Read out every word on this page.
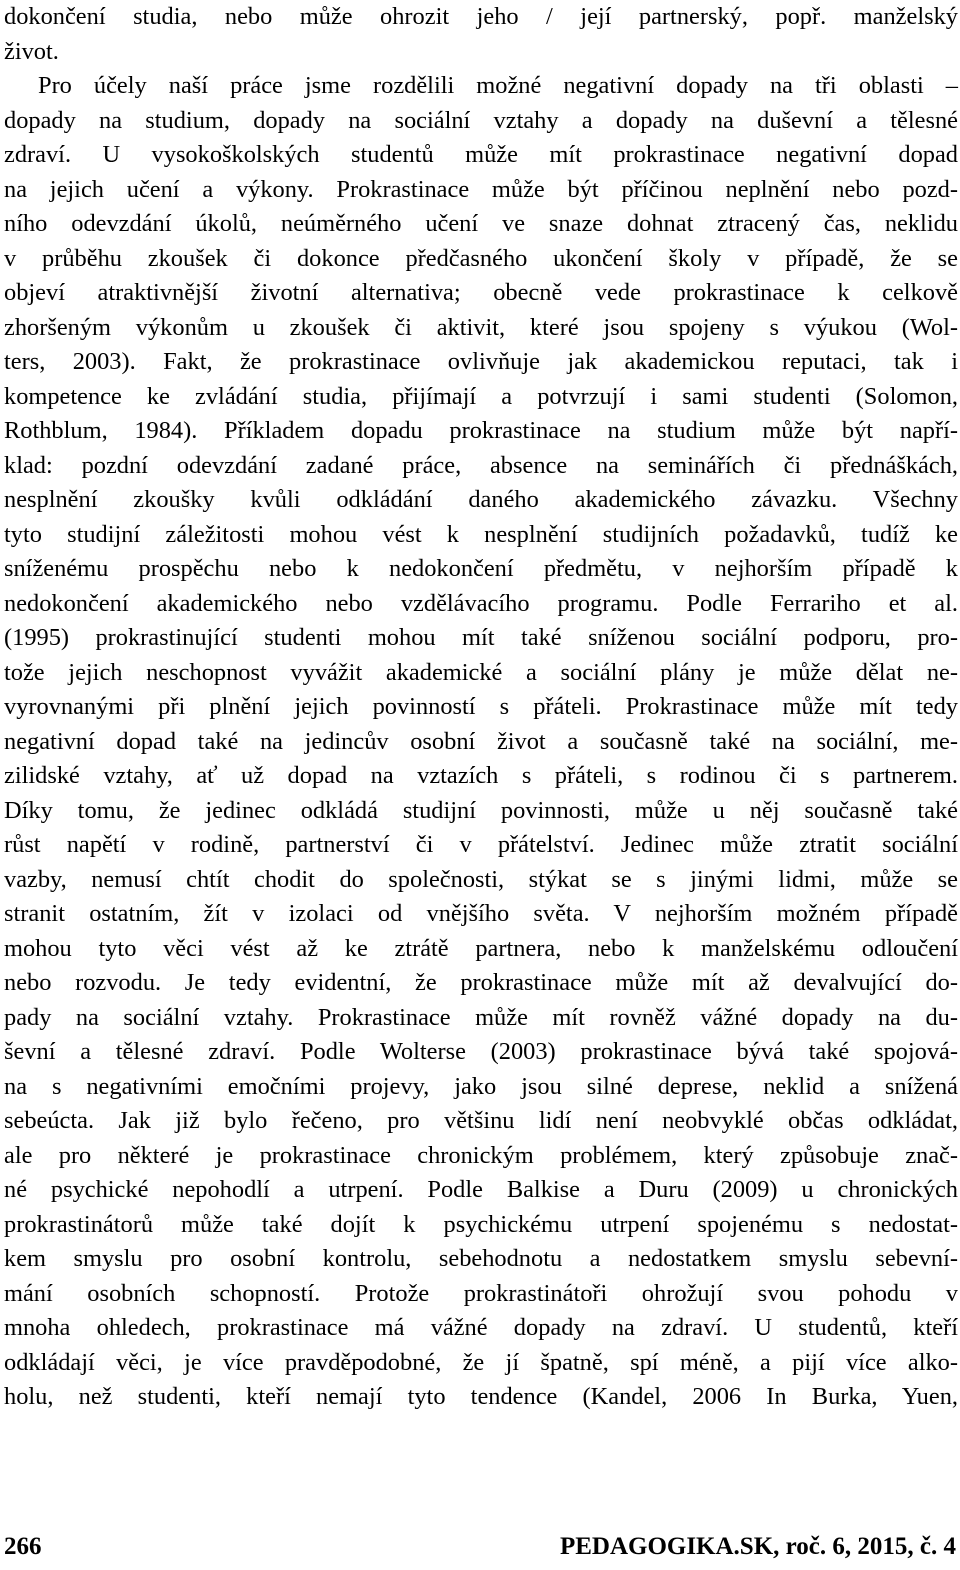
dokončení studia, nebo může ohrozit jeho / její partnerský, popř. manželský
život.
Pro účely naší práce jsme rozdělili možné negativní dopady na tři oblasti –
dopady na studium, dopady na sociální vztahy a dopady na duševní a tělesné
zdraví. U vysokoškolských studentů může mít prokrastinace negativní dopad
na jejich učení a výkony. Prokrastinace může být příčinou neplnění nebo pozd-
ního odevzdání úkolů, neúměrného učení ve snaze dohnat ztracený čas, neklidu
v průběhu zkoušek či dokonce předčasného ukončení školy v případě, že se
objeví atraktivnější životní alternativa; obecně vede prokrastinace k celkově
zhoršeným výkonům u zkoušek či aktivit, které jsou spojeny s výukou (Wol-
ters, 2003). Fakt, že prokrastinace ovlivňuje jak akademickou reputaci, tak i
kompetence ke zvládání studia, přijímají a potvrzují i sami studenti (Solomon,
Rothblum, 1984). Příkladem dopadu prokrastinace na studium může být napří-
klad: pozdní odevzdání zadané práce, absence na seminářích či přednáškách,
nesplnění zkoušky kvůli odkládání daného akademického závazku. Všechny
tyto studijní záležitosti mohou vést k nesplnění studijních požadavků, tudíž ke
sníženému prospěchu nebo k nedokončení předmětu, v nejhorším případě k
nedokončení akademického nebo vzdělávacího programu. Podle Ferrariho et al.
(1995) prokrastinující studenti mohou mít také sníženou sociální podporu, pro-
tože jejich neschopnost vyvážit akademické a sociální plány je může dělat ne-
vyrovnanými při plnění jejich povinností s přáteli. Prokrastinace může mít tedy
negativní dopad také na jedincův osobní život a současně také na sociální, me-
zilidské vztahy, ať už dopad na vztazích s přáteli, s rodinou či s partnerem.
Díky tomu, že jedinec odkládá studijní povinnosti, může u něj současně také
růst napětí v rodině, partnerství či v přátelství. Jedinec může ztratit sociální
vazby, nemusí chtít chodit do společnosti, stýkat se s jinými lidmi, může se
stranit ostatním, žít v izolaci od vnějšího světa. V nejhorším možném případě
mohou tyto věci vést až ke ztrátě partnera, nebo k manželskému odloučení
nebo rozvodu. Je tedy evidentní, že prokrastinace může mít až devalvující do-
pady na sociální vztahy. Prokrastinace může mít rovněž vážné dopady na du-
ševní a tělesné zdraví. Podle Wolterse (2003) prokrastinace bývá také spojová-
na s negativními emočními projevy, jako jsou silné deprese, neklid a snížená
sebeúcta. Jak již bylo řečeno, pro většinu lidí není neobvyklé občas odkládat,
ale pro některé je prokrastinace chronickým problémem, který způsobuje znač-
né psychické nepohodlí a utrpení. Podle Balkise a Duru (2009) u chronických
prokrastinátorů může také dojít k psychickému utrpení spojenému s nedostat-
kem smyslu pro osobní kontrolu, sebehodnotu a nedostatkem smyslu sebevní-
mání osobních schopností. Protože prokrastinátoři ohrožují svou pohodu v
mnoha ohledech, prokrastinace má vážné dopady na zdraví. U studentů, kteří
odkládají věci, je více pravděpodobné, že jí špatně, spí méně, a pijí více alko-
holu, než studenti, kteří nemají tyto tendence (Kandel, 2006 In Burka, Yuen,
266	PEDAGOGIKA.SK, roč. 6, 2015, č. 4
